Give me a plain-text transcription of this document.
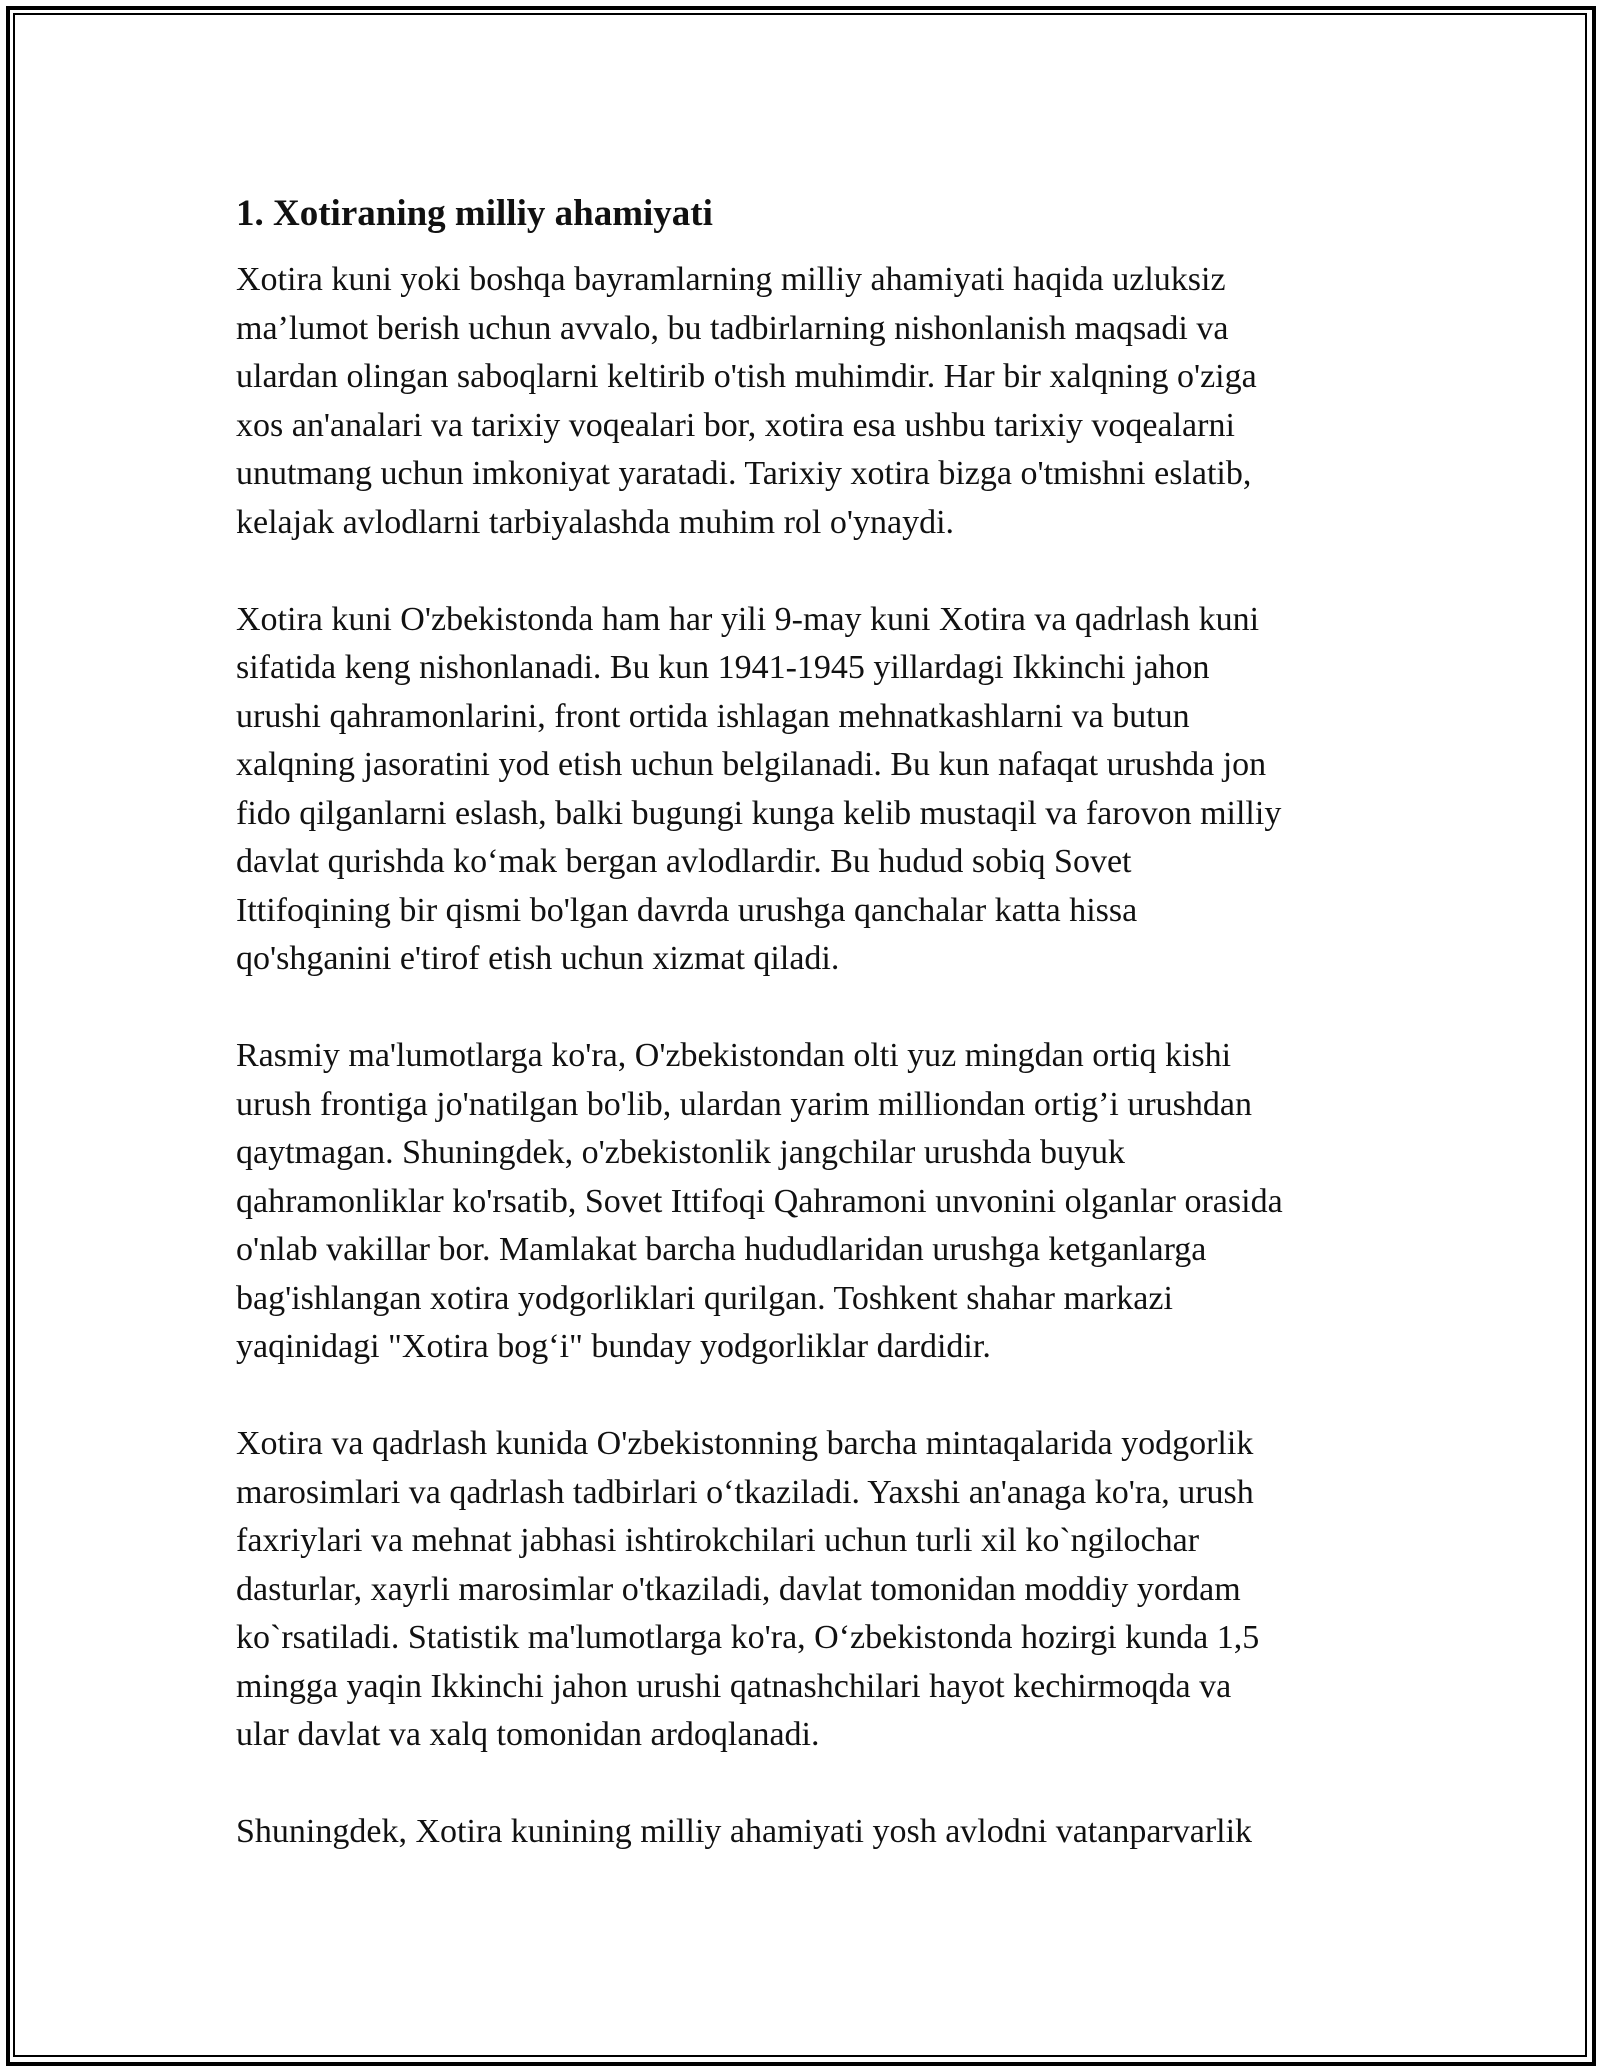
1. Xotiraning milliy ahamiyati

Xotira kuni yoki boshqa bayramlarning milliy ahamiyati haqida uzluksiz
ma’lumot berish uchun avvalo, bu tadbirlarning nishonlanish maqsadi va
ulardan olingan saboqlarni keltirib o'tish muhimdir. Har bir xalqning o'ziga
xos an'analari va tarixiy voqealari bor, xotira esa ushbu tarixiy voqealarni
unutmang uchun imkoniyat yaratadi. Tarixiy xotira bizga o'tmishni eslatib,
kelajak avlodlarni tarbiyalashda muhim rol o'ynaydi.

Xotira kuni O'zbekistonda ham har yili 9-may kuni Xotira va qadrlash kuni
sifatida keng nishonlanadi. Bu kun 1941-1945 yillardagi Ikkinchi jahon
urushi qahramonlarini, front ortida ishlagan mehnatkashlarni va butun
xalqning jasoratini yod etish uchun belgilanadi. Bu kun nafaqat urushda jon
fido qilganlarni eslash, balki bugungi kunga kelib mustaqil va farovon milliy
davlat qurishda ko‘mak bergan avlodlardir. Bu hudud sobiq Sovet
Ittifoqining bir qismi bo'lgan davrda urushga qanchalar katta hissa
qo'shganini e'tirof etish uchun xizmat qiladi.

Rasmiy ma'lumotlarga ko'ra, O'zbekistondan olti yuz mingdan ortiq kishi
urush frontiga jo'natilgan bo'lib, ulardan yarim milliondan ortig’i urushdan
qaytmagan. Shuningdek, o'zbekistonlik jangchilar urushda buyuk
qahramonliklar ko'rsatib, Sovet Ittifoqi Qahramoni unvonini olganlar orasida
o'nlab vakillar bor. Mamlakat barcha hududlaridan urushga ketganlarga
bag'ishlangan xotira yodgorliklari qurilgan. Toshkent shahar markazi
yaqinidagi "Xotira bog‘i" bunday yodgorliklar dardidir.

Xotira va qadrlash kunida O'zbekistonning barcha mintaqalarida yodgorlik
marosimlari va qadrlash tadbirlari o‘tkaziladi. Yaxshi an'anaga ko'ra, urush
faxriylari va mehnat jabhasi ishtirokchilari uchun turli xil ko`ngilochar
dasturlar, xayrli marosimlar o'tkaziladi, davlat tomonidan moddiy yordam
ko`rsatiladi. Statistik ma'lumotlarga ko'ra, O‘zbekistonda hozirgi kunda 1,5
mingga yaqin Ikkinchi jahon urushi qatnashchilari hayot kechirmoqda va
ular davlat va xalq tomonidan ardoqlanadi.

Shuningdek, Xotira kunining milliy ahamiyati yosh avlodni vatanparvarlik
